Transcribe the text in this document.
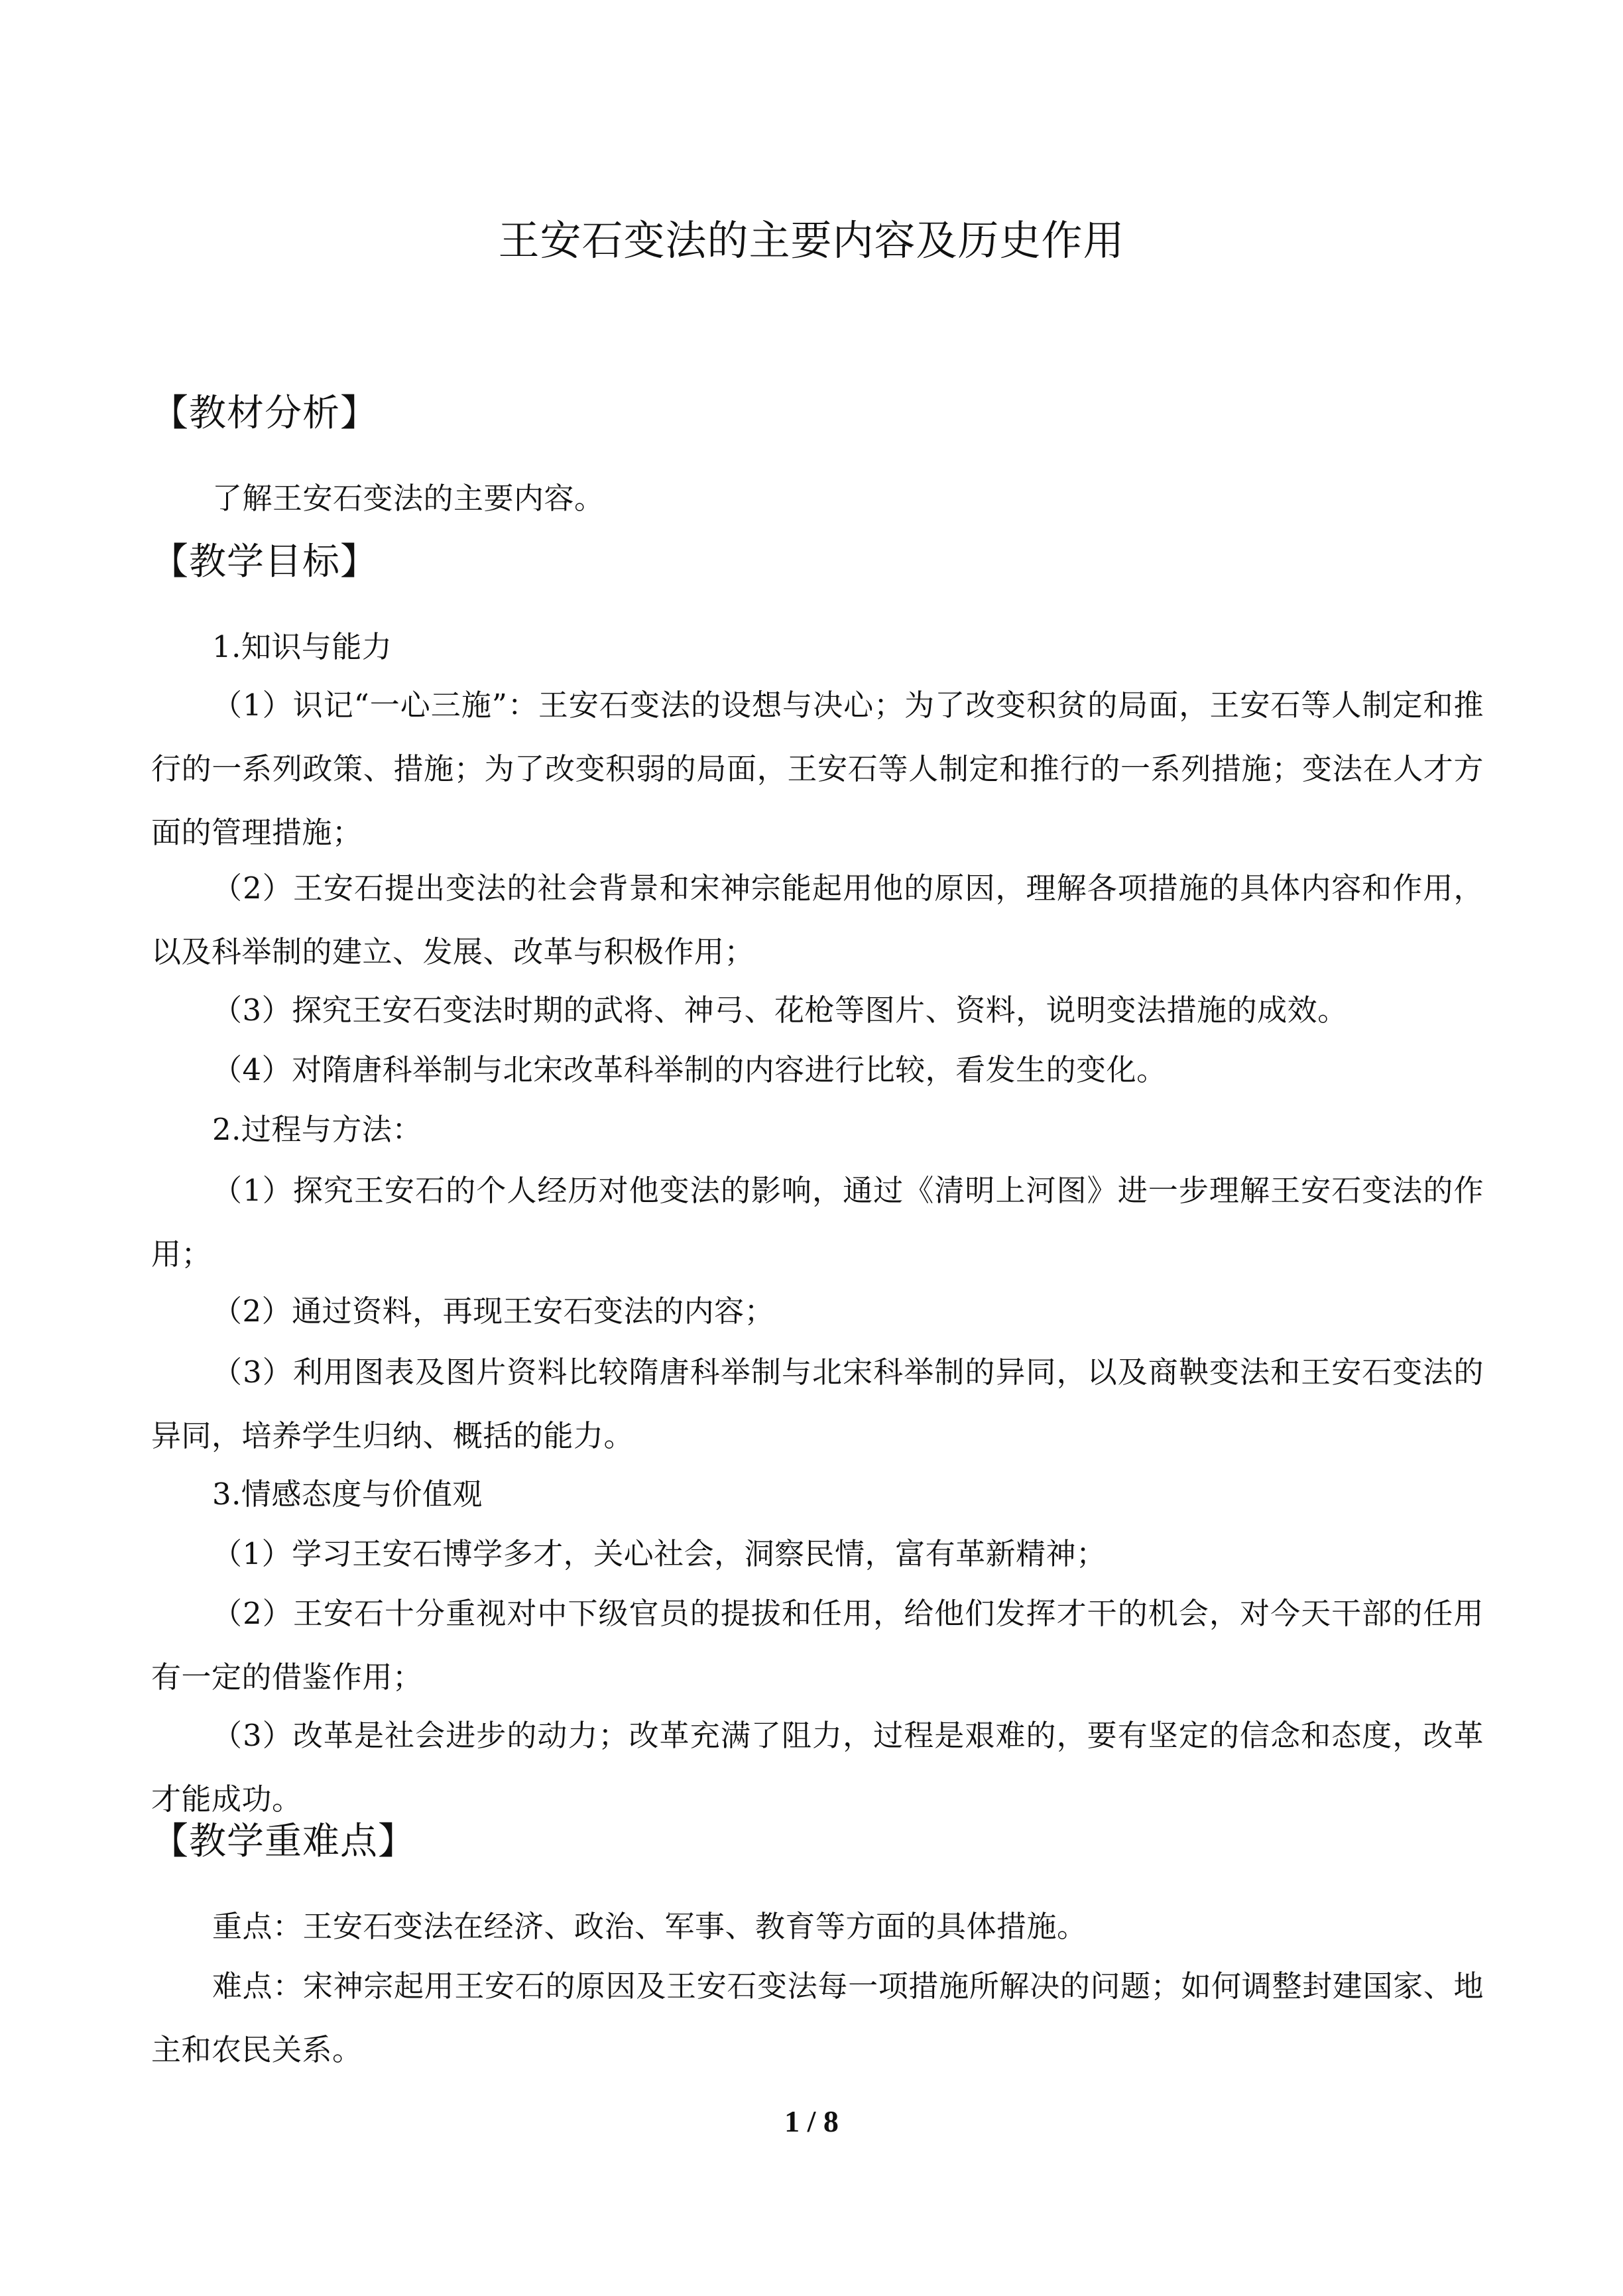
王安石变法的主要内容及历史作用
【教材分析】
了解王安石变法的主要内容。
【教学目标】
1.知识与能力
（1）识记“一心三施”：王安石变法的设想与决心；为了改变积贫的局面，王安石等人制定和推行的一系列政策、措施；为了改变积弱的局面，王安石等人制定和推行的一系列措施；变法在人才方面的管理措施；
（2）王安石提出变法的社会背景和宋神宗能起用他的原因，理解各项措施的具体内容和作用，以及科举制的建立、发展、改革与积极作用；
（3）探究王安石变法时期的武将、神弓、花枪等图片、资料，说明变法措施的成效。
（4）对隋唐科举制与北宋改革科举制的内容进行比较，看发生的变化。
2.过程与方法：
（1）探究王安石的个人经历对他变法的影响，通过《清明上河图》进一步理解王安石变法的作用；
（2）通过资料，再现王安石变法的内容；
（3）利用图表及图片资料比较隋唐科举制与北宋科举制的异同，以及商鞅变法和王安石变法的异同，培养学生归纳、概括的能力。
3.情感态度与价值观
（1）学习王安石博学多才，关心社会，洞察民情，富有革新精神；
（2）王安石十分重视对中下级官员的提拔和任用，给他们发挥才干的机会，对今天干部的任用有一定的借鉴作用；
（3）改革是社会进步的动力；改革充满了阻力，过程是艰难的，要有坚定的信念和态度，改革才能成功。
【教学重难点】
重点：王安石变法在经济、政治、军事、教育等方面的具体措施。
难点：宋神宗起用王安石的原因及王安石变法每一项措施所解决的问题；如何调整封建国家、地主和农民关系。
1 / 8
